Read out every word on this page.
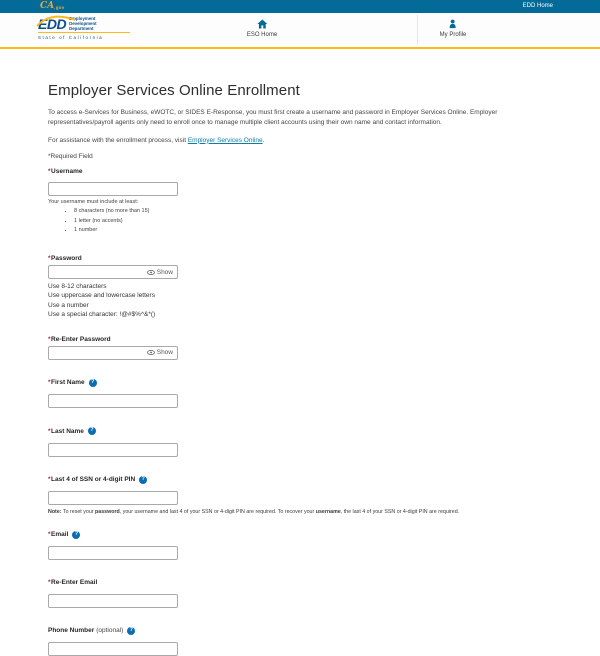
CA.gov	EDD Home
EDD Employment
Development
Department
State of California	ESO Home	My Profile
Employer Services Online Enrollment

To access e-Services for Business, eWOTC, or SIDES E-Response, you must first create a username and password in Employer Services Online. Employer representatives/payroll agents only need to enroll once to manage multiple client accounts using their own name and contact information.

For assistance with the enrollment process, visit Employer Services Online.

*Required Field

* Username
Your username must include at least:
• 8 characters (no more than 15)
• 1 letter (no accents)
• 1 number
* Password
Show
Use 8-12 characters
Use uppercase and lowercase letters
Use a number
Use a special character: !@#$%^&*()
* Re-Enter Password
Show
* First Name	?
* Last Name	?
* Last 4 of SSN or 4-digit PIN	?
Note: To reset your password, your username and last 4 of your SSN or 4-digit PIN are required. To recover your username, the last 4 of your SSN or 4-digit PIN are required.
* Email	?
* Re-Enter Email
Phone Number (optional)	?
